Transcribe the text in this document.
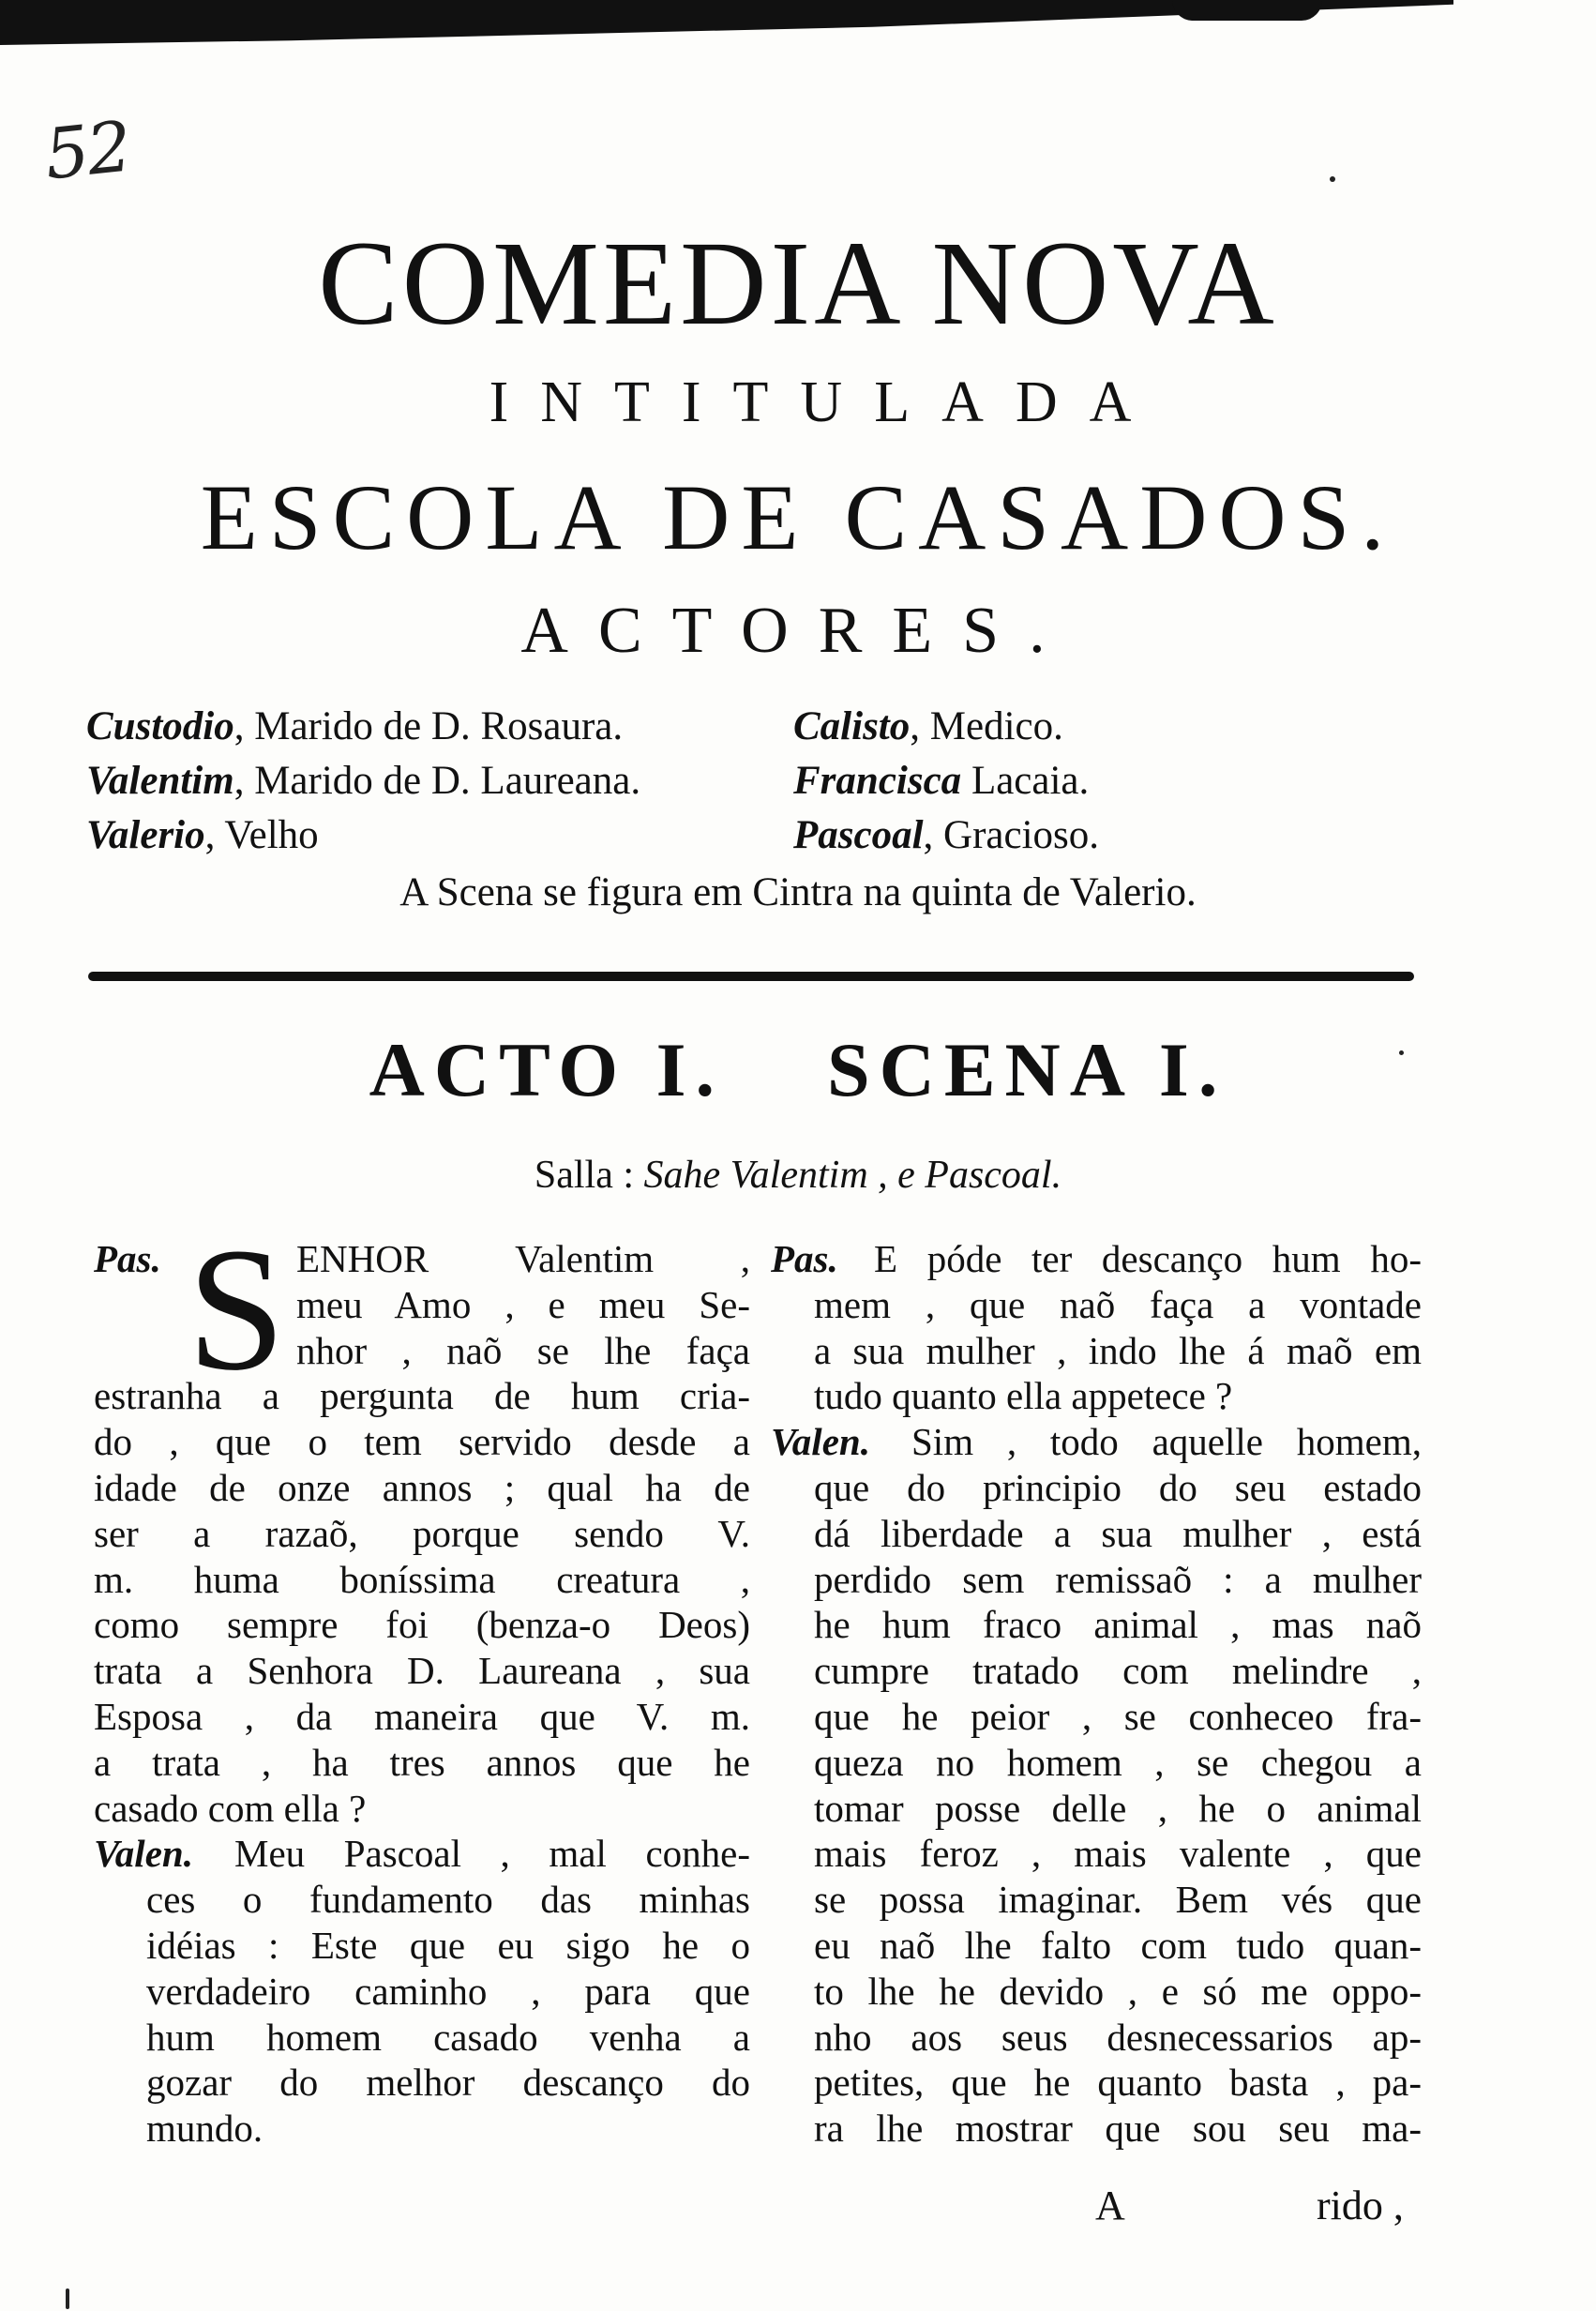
52
COMEDIA NOVA
INTITULADA
ESCOLA DE CASADOS.
ACTORES.
Custodio, Marido de D. Rosaura.
Valentim, Marido de D. Laureana.
Valerio, Velho
Calisto, Medico.
Francisca Lacaia.
Pascoal, Gracioso.
A Scena se figura em Cintra na quinta de Valerio.
ACTO I. SCENA I.
Salla : Sahe Valentim , e Pascoal.
Pas. S ENHOR Valentim ,
meu Amo , e meu Se-
nhor , naõ se lhe faça
estranha a pergunta de hum cria-
do , que o tem servido desde a
idade de onze annos ; qual ha de
ser a razaõ, porque sendo V.
m. huma boníssima creatura ,
como sempre foi (benza-o Deos)
trata a Senhora D. Laureana , sua
Esposa , da maneira que V. m.
a trata , ha tres annos que he
casado com ella ?
Valen. Meu Pascoal , mal conhe-
ces o fundamento das minhas
idéias : Este que eu sigo he o
verdadeiro caminho , para que
hum homem casado venha a
gozar do melhor descanço do
mundo.
Pas. E póde ter descanço hum ho-
mem , que naõ faça a vontade
a sua mulher , indo lhe á maõ em
tudo quanto ella appetece ?
Valen. Sim , todo aquelle homem,
que do principio do seu estado
dá liberdade a sua mulher , está
perdido sem remissaõ : a mulher
he hum fraco animal , mas naõ
cumpre tratado com melindre ,
que he peior , se conheceo fra-
queza no homem , se chegou a
tomar posse delle , he o animal
mais feroz , mais valente , que
se possa imaginar. Bem vés que
eu naõ lhe falto com tudo quan-
to lhe he devido , e só me oppo-
nho aos seus desnecessarios ap-
petites, que he quanto basta , pa-
ra lhe mostrar que sou seu ma-
A	rido ,
